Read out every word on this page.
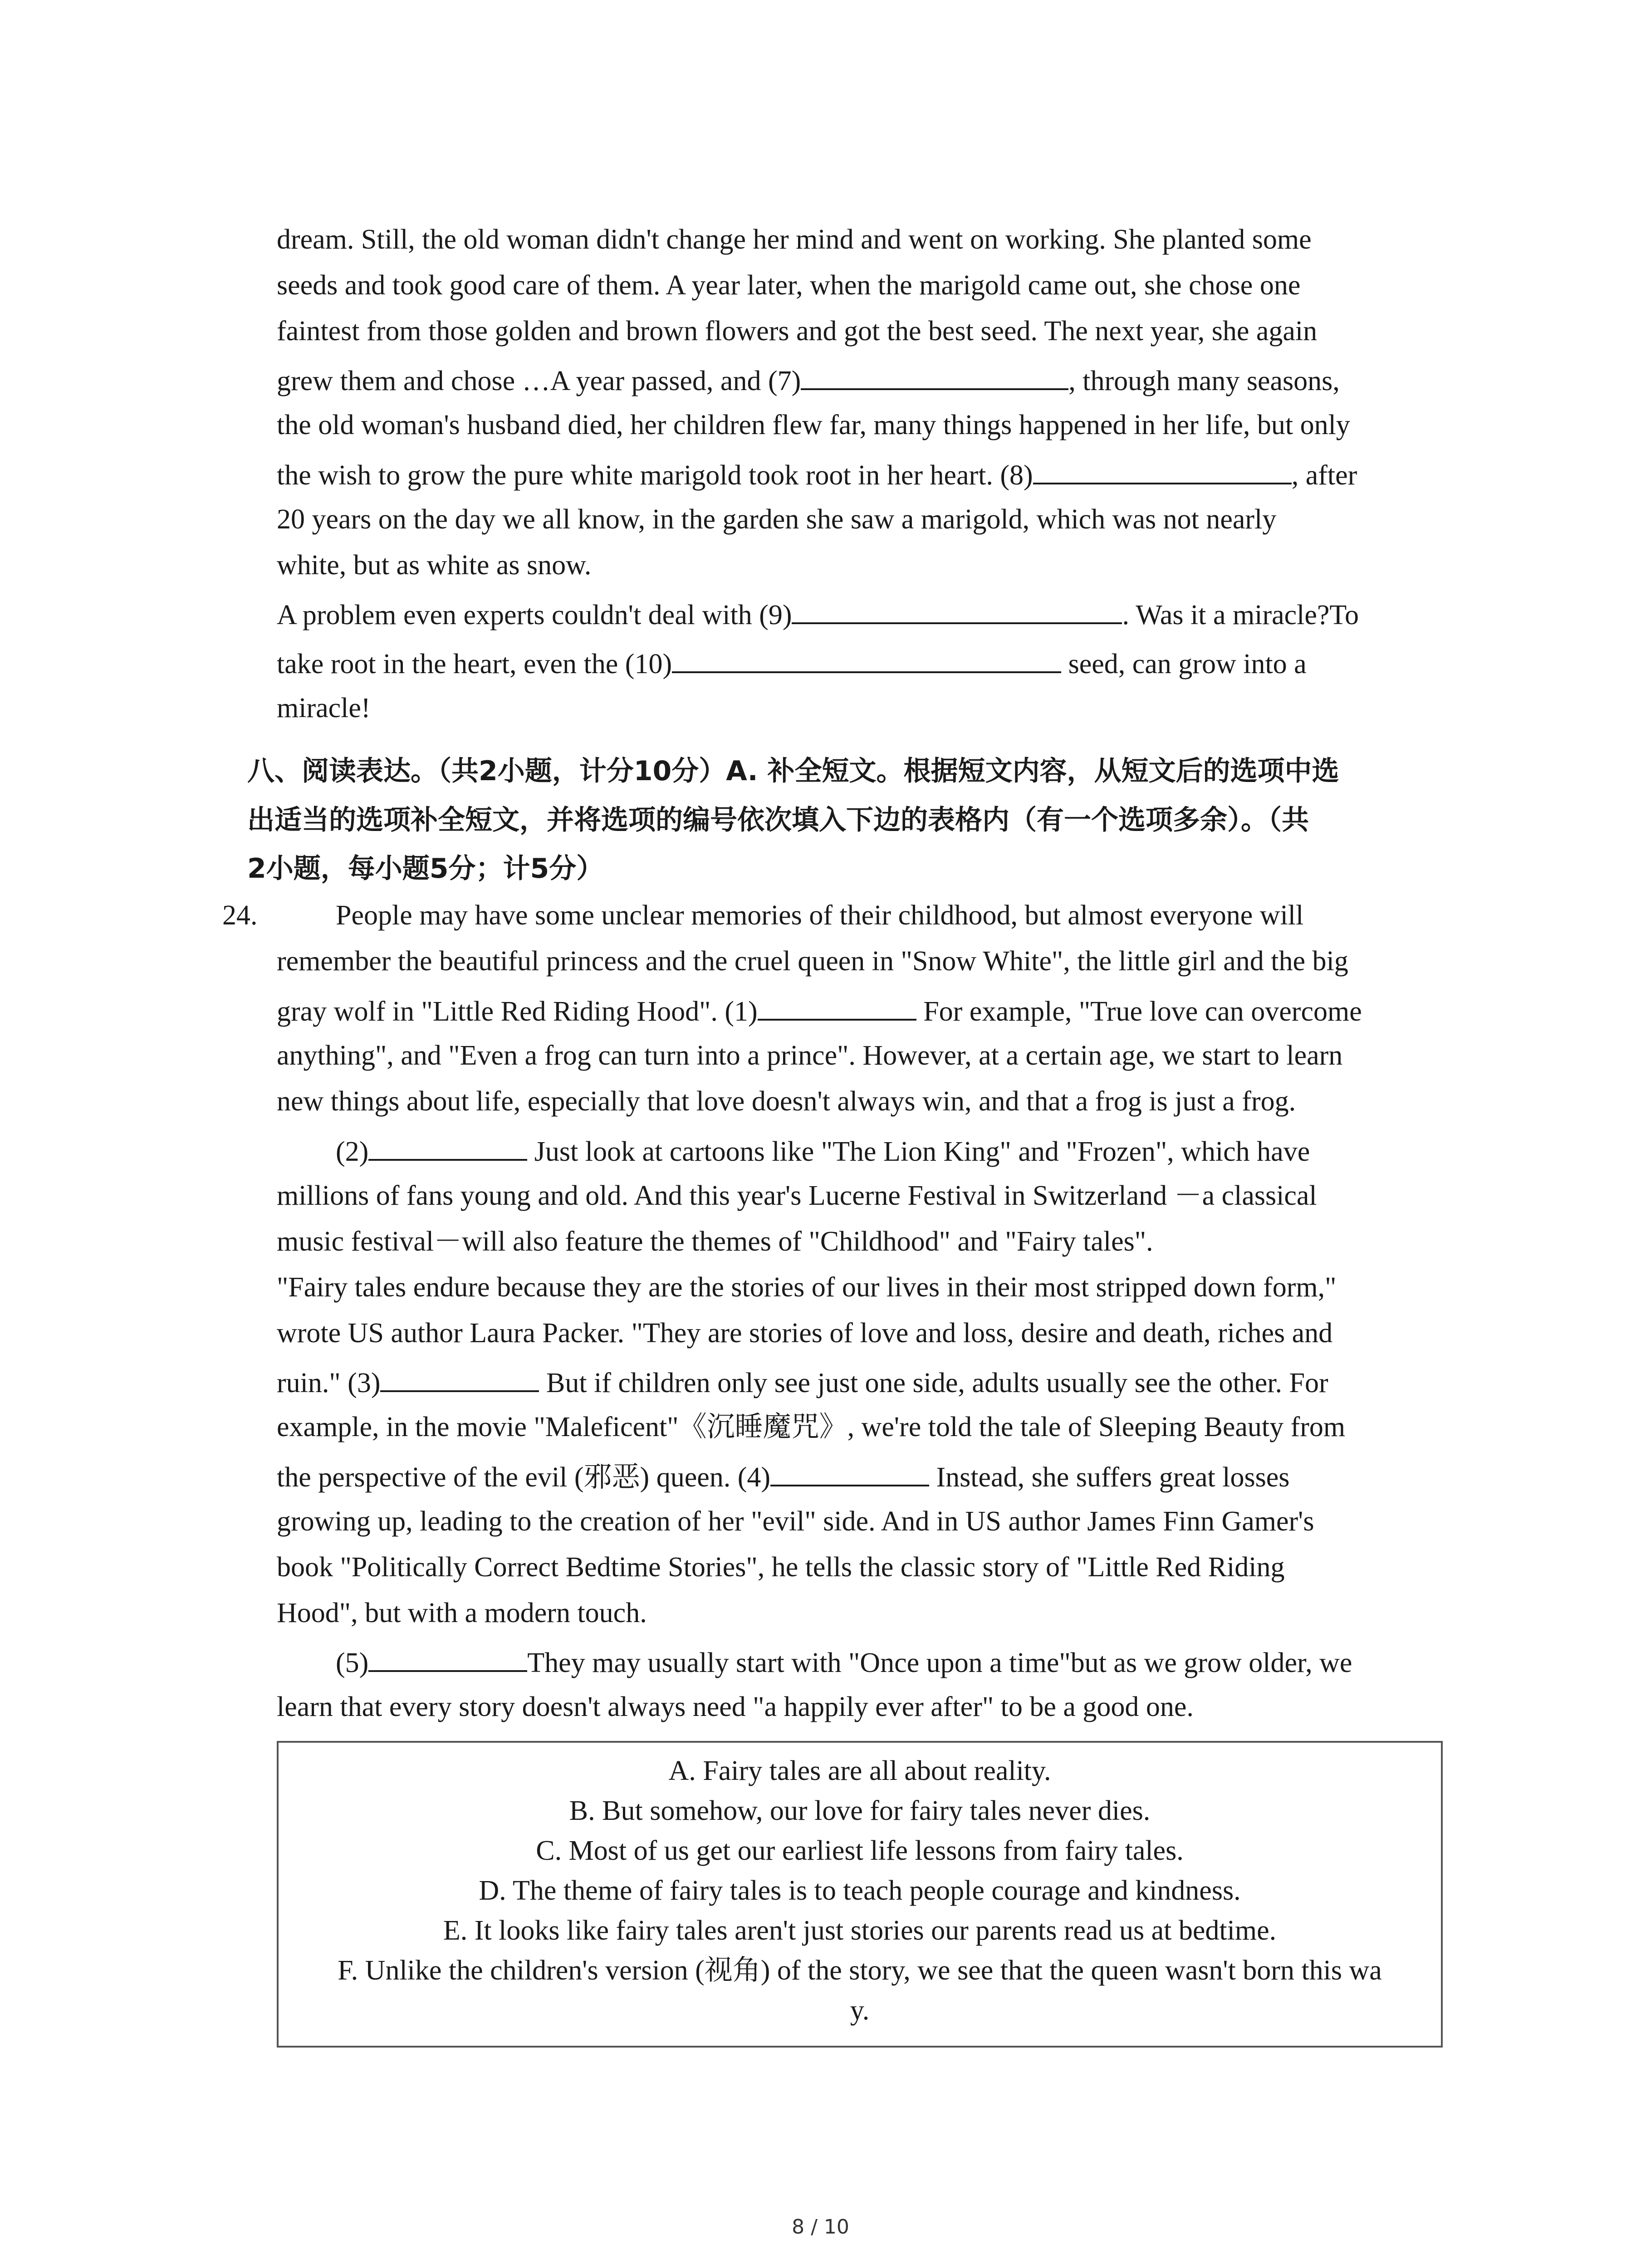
dream. Still, the old woman didn't change her mind and went on working. She planted some
seeds and took good care of them. A year later, when the marigold came out, she chose one
faintest from those golden and brown flowers and got the best seed. The next year, she again
grew them and chose …A year passed, and (7)	, through many seasons,
the old woman's husband died, her children flew far, many things happened in her life, but only
the wish to grow the pure white marigold took root in her heart. (8)	, after
20 years on the day we all know, in the garden she saw a marigold, which was not nearly
white, but as white as snow.
A problem even experts couldn't deal with (9)	. Was it a miracle?To
take root in the heart, even the (10)	seed, can grow into a
miracle!
八、阅读表达。（共2小题，计分10分）A. 补全短文。根据短文内容，从短文后的选项中选
出适当的选项补全短文，并将选项的编号依次填入下边的表格内（有一个选项多余）。（共
2小题，每小题5分；计5分）
24.	People may have some unclear memories of their childhood, but almost everyone will
remember the beautiful princess and the cruel queen in "Snow White", the little girl and the big
gray wolf in "Little Red Riding Hood". (1)	For example, "True love can overcome
anything", and "Even a frog can turn into a prince". However, at a certain age, we start to learn
new things about life, especially that love doesn't always win, and that a frog is just a frog.
(2)	Just look at cartoons like "The Lion King" and "Frozen", which have
millions of fans young and old. And this year's Lucerne Festival in Switzerland －a classical
music festival－will also feature the themes of "Childhood" and "Fairy tales".
"Fairy tales endure because they are the stories of our lives in their most stripped down form,"
wrote US author Laura Packer. "They are stories of love and loss, desire and death, riches and
ruin." (3)	But if children only see just one side, adults usually see the other. For
example, in the movie "Maleficent"《沉睡魔咒》, we're told the tale of Sleeping Beauty from
the perspective of the evil (邪恶) queen. (4)	Instead, she suffers great losses
growing up, leading to the creation of her "evil" side. And in US author James Finn Gamer's
book "Politically Correct Bedtime Stories", he tells the classic story of "Little Red Riding
Hood", but with a modern touch.
(5)	They may usually start with "Once upon a time"but as we grow older, we
learn that every story doesn't always need "a happily ever after" to be a good one.
A. Fairy tales are all about reality.
B. But somehow, our love for fairy tales never dies.
C. Most of us get our earliest life lessons from fairy tales.
D. The theme of fairy tales is to teach people courage and kindness.
E. It looks like fairy tales aren't just stories our parents read us at bedtime.
F. Unlike the children's version (视角) of the story, we see that the queen wasn't born this wa
y.
8 / 10
